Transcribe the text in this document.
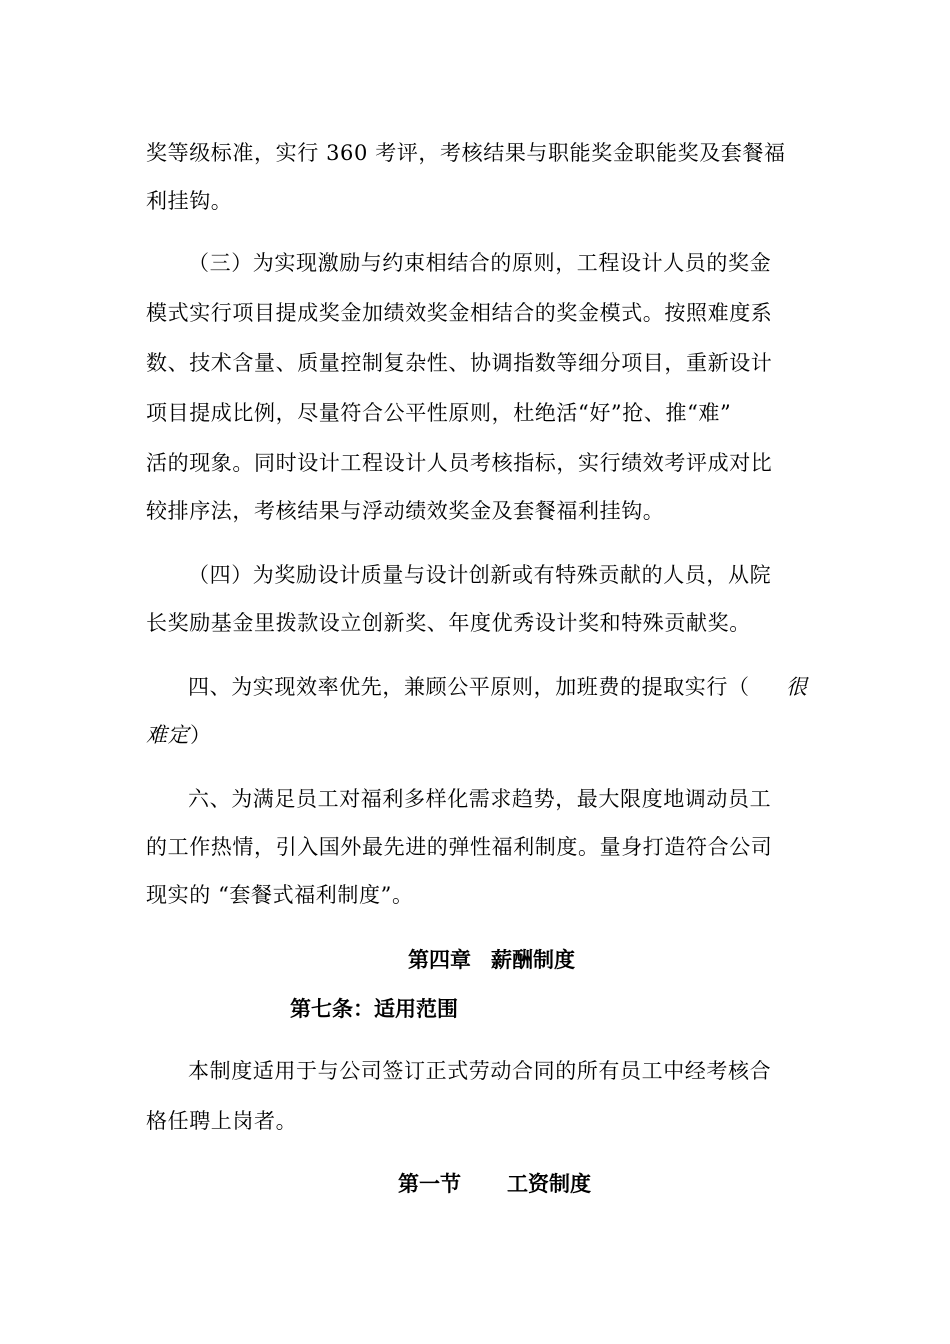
奖等级标准，实行 360 考评，考核结果与职能奖金职能奖及套餐福
利挂钩。
（三）为实现激励与约束相结合的原则，工程设计人员的奖金
模式实行项目提成奖金加绩效奖金相结合的奖金模式。按照难度系
数、技术含量、质量控制复杂性、协调指数等细分项目，重新设计
项目提成比例，尽量符合公平性原则，杜绝活“好”抢、推“难”
活的现象。同时设计工程设计人员考核指标，实行绩效考评成对比
较排序法，考核结果与浮动绩效奖金及套餐福利挂钩。
（四）为奖励设计质量与设计创新或有特殊贡献的人员，从院
长奖励基金里拨款设立创新奖、年度优秀设计奖和特殊贡献奖。
四、为实现效率优先，兼顾公平原则，加班费的提取实行（ 很
难定 ）
六、为满足员工对福利多样化需求趋势，最大限度地调动员工
的工作热情，引入国外最先进的弹性福利制度。量身打造符合公司
现实的 “套餐式福利制度”。
第四章 薪酬制度
第七条：适用范围
本制度适用于与公司签订正式劳动合同的所有员工中经考核合
格任聘上岗者。
第一节 工资制度
